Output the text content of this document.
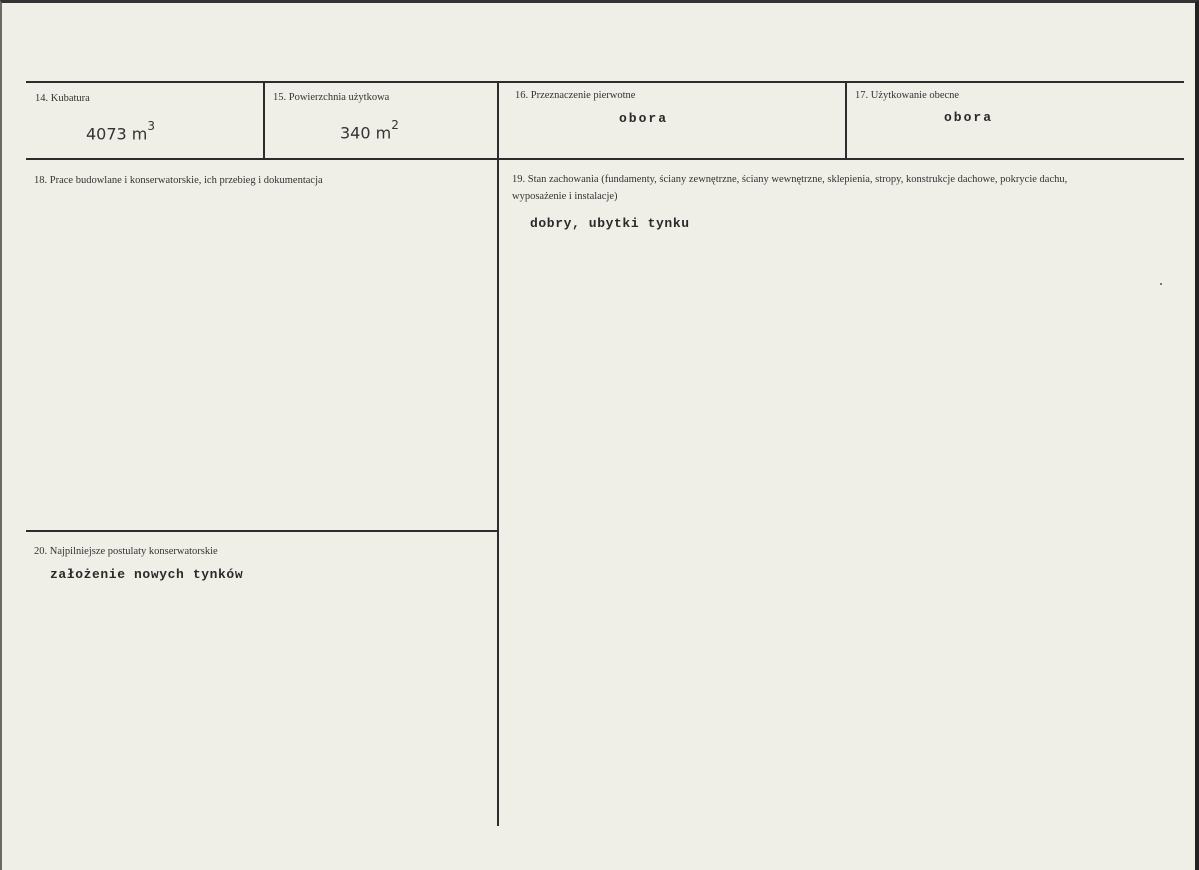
14. Kubatura
4073 $m^3$
15. Powierzchnia użytkowa
340 $m^2$
16. Przeznaczenie pierwotne
obora
17. Użytkowanie obecne
obora
18. Prace budowlane i konserwatorskie, ich przebieg i dokumentacja	19. Stan zachowania (fundamenty, ściany zewnętrzne, ściany wewnętrzne, sklepienia, stropy, konstrukcje dachowe, pokrycie dachu, wyposażenie i instalacje)
dobry, ubytki tynku
20. Najpilniejsze postulaty konserwatorskie
założenie nowych tynków
